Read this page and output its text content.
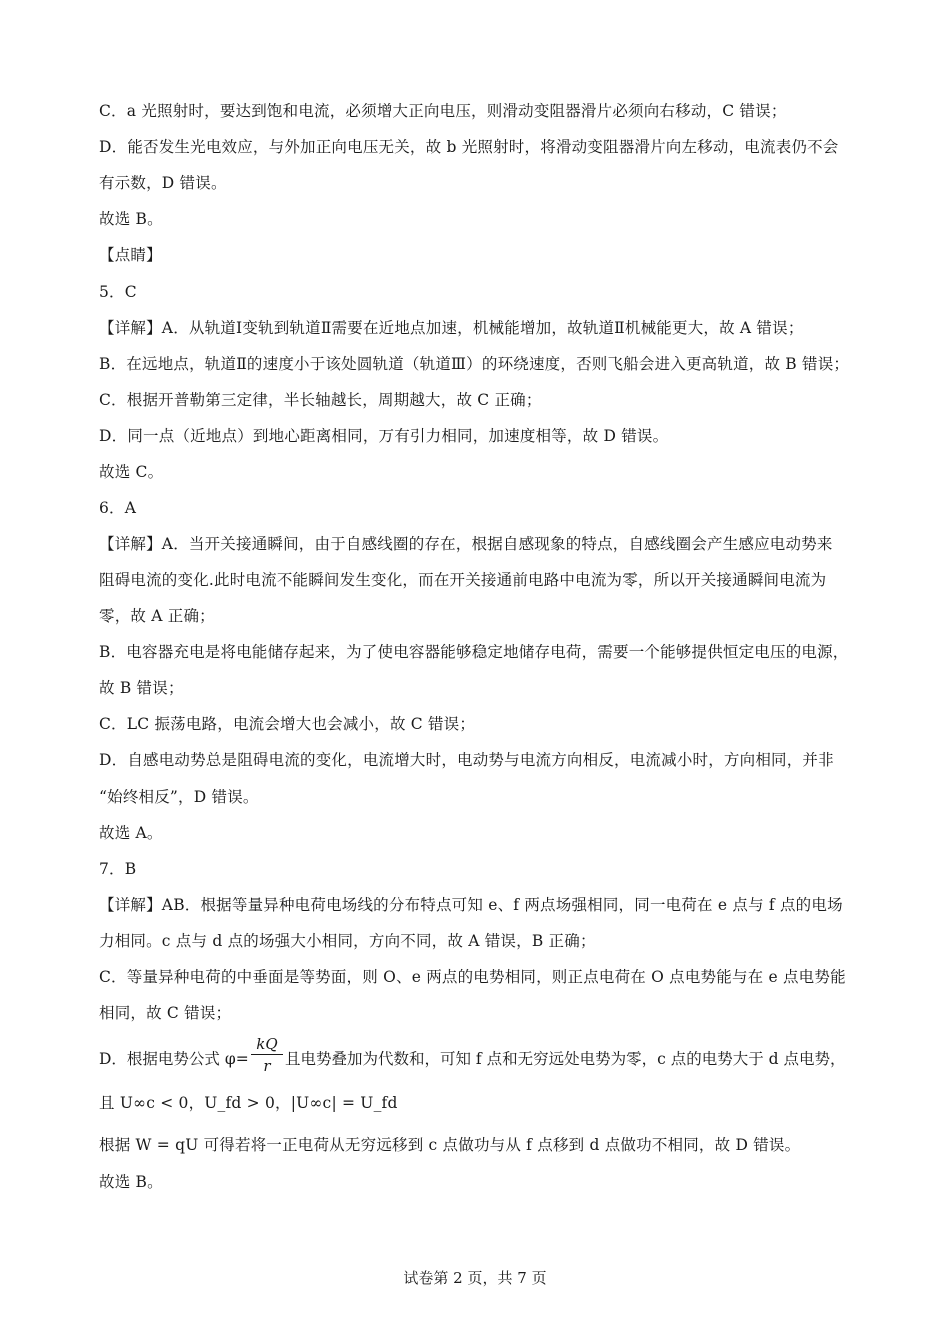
C．a 光照射时，要达到饱和电流，必须增大正向电压，则滑动变阻器滑片必须向右移动，C 错误；
D．能否发生光电效应，与外加正向电压无关，故 b 光照射时，将滑动变阻器滑片向左移动，电流表仍不会
有示数，D 错误。
故选 B。
【点睛】
5．C
【详解】A．从轨道Ⅰ变轨到轨道Ⅱ需要在近地点加速，机械能增加，故轨道Ⅱ机械能更大，故 A 错误；
B．在远地点，轨道Ⅱ的速度小于该处圆轨道（轨道Ⅲ）的环绕速度，否则飞船会进入更高轨道，故 B 错误；
C．根据开普勒第三定律，半长轴越长，周期越大，故 C 正确；
D．同一点（近地点）到地心距离相同，万有引力相同，加速度相等，故 D 错误。
故选 C。
6．A
【详解】A．当开关接通瞬间，由于自感线圈的存在，根据自感现象的特点，自感线圈会产生感应电动势来
阻碍电流的变化.此时电流不能瞬间发生变化，而在开关接通前电路中电流为零，所以开关接通瞬间电流为
零，故 A 正确；
B．电容器充电是将电能储存起来，为了使电容器能够稳定地储存电荷，需要一个能够提供恒定电压的电源，
故 B 错误；
C．LC 振荡电路，电流会增大也会减小，故 C 错误；
D．自感电动势总是阻碍电流的变化，电流增大时，电动势与电流方向相反，电流减小时，方向相同，并非
“始终相反”，D 错误。
故选 A。
7．B
【详解】AB．根据等量异种电荷电场线的分布特点可知 e、f 两点场强相同，同一电荷在 e 点与 f 点的电场
力相同。c 点与 d 点的场强大小相同，方向不同，故 A 错误，B 正确；
C．等量异种电荷的中垂面是等势面，则 O、e 两点的电势相同，则正点电荷在 O 点电势能与在 e 点电势能
相同，故 C 错误；
D．根据电势公式 $\varphi= \frac{kQ}{r}$ 且电势叠加为代数和，可知 f 点和无穷远处电势为零，c 点的电势大于 d 点电势，
且 U∞c < 0，U_fd > 0，|U∞c| = U_fd
根据 W = qU 可得若将一正电荷从无穷远移到 c 点做功与从 f 点移到 d 点做功不相同，故 D 错误。
故选 B。
试卷第 2 页，共 7 页
